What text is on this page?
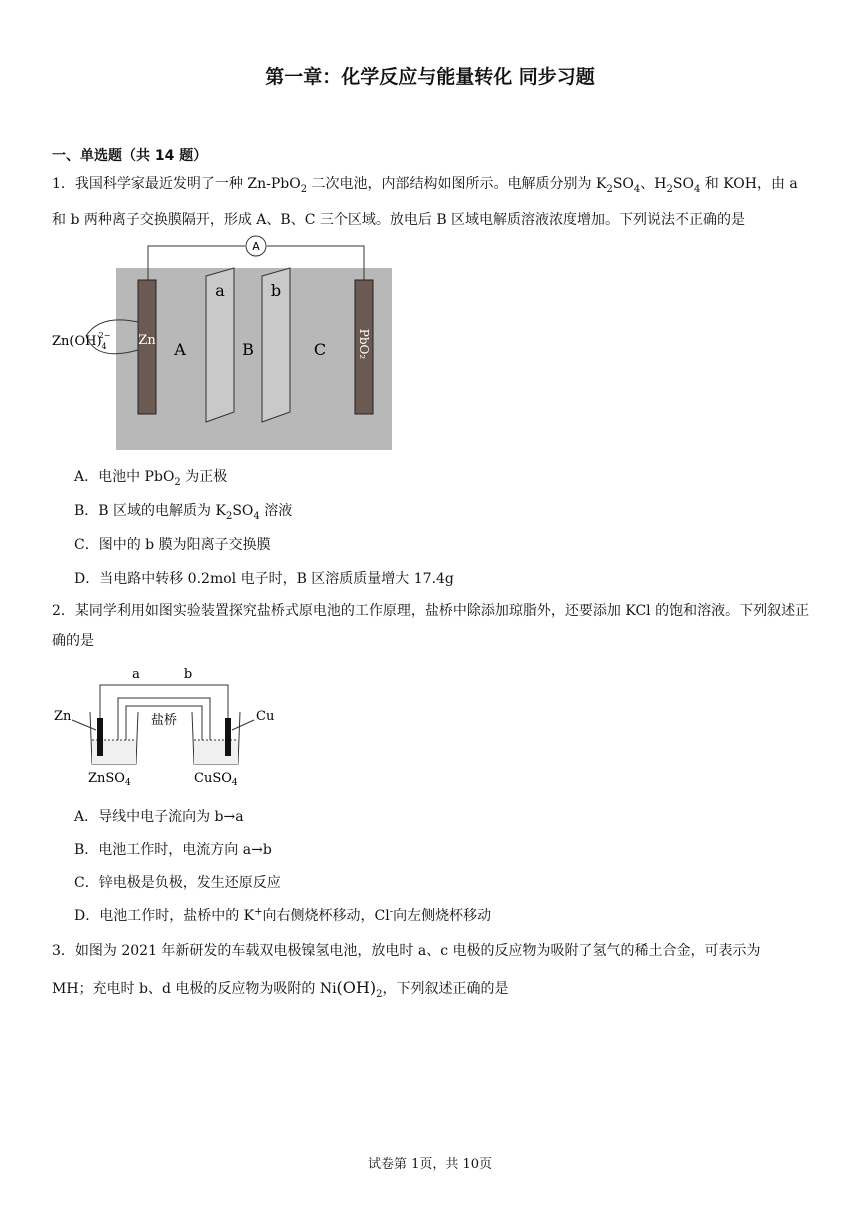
第一章：化学反应与能量转化 同步习题
一、单选题（共 14 题）

1．我国科学家最近发明了一种 Zn-PbO$_2$ 二次电池，内部结构如图所示。电解质分别为 $K_2SO_4$、$H_2SO_4$ 和 KOH，由 a 和 b 两种离子交换膜隔开，形成 A、B、C 三个区域。放电后 B 区域电解质溶液浓度增加。下列说法不正确的是

A
Zn	PbO₂
a	b
A	B	C
$Zn(OH)_42-$
A．电池中 PbO$_2$ 为正极
B．B 区域的电解质为 $K_2SO_4$ 溶液
C．图中的 b 膜为阳离子交换膜
D．当电路中转移 0.2mol 电子时，B 区溶质质量增大 17.4g

2．某同学利用如图实验装置探究盐桥式原电池的工作原理，盐桥中除添加琼脂外，还要添加 KCl 的饱和溶液。下列叙述正确的是

a	b
盐桥
Zn	Cu
ZnSO$_4$	CuSO$_4$
A．导线中电子流向为 b→a
B．电池工作时，电流方向 a→b
C．锌电极是负极，发生还原反应
D．电池工作时，盐桥中的 K+向右侧烧杯移动，Cl-向左侧烧杯移动
3．如图为 2021 年新研发的车载双电极镍氢电池，放电时 a、c 电极的反应物为吸附了氢气的稀土合金，可表示为
MH；充电时 b、d 电极的反应物为吸附的 $Ni(OH)_2$，下列叙述正确的是
试卷第 1页，共 10页
